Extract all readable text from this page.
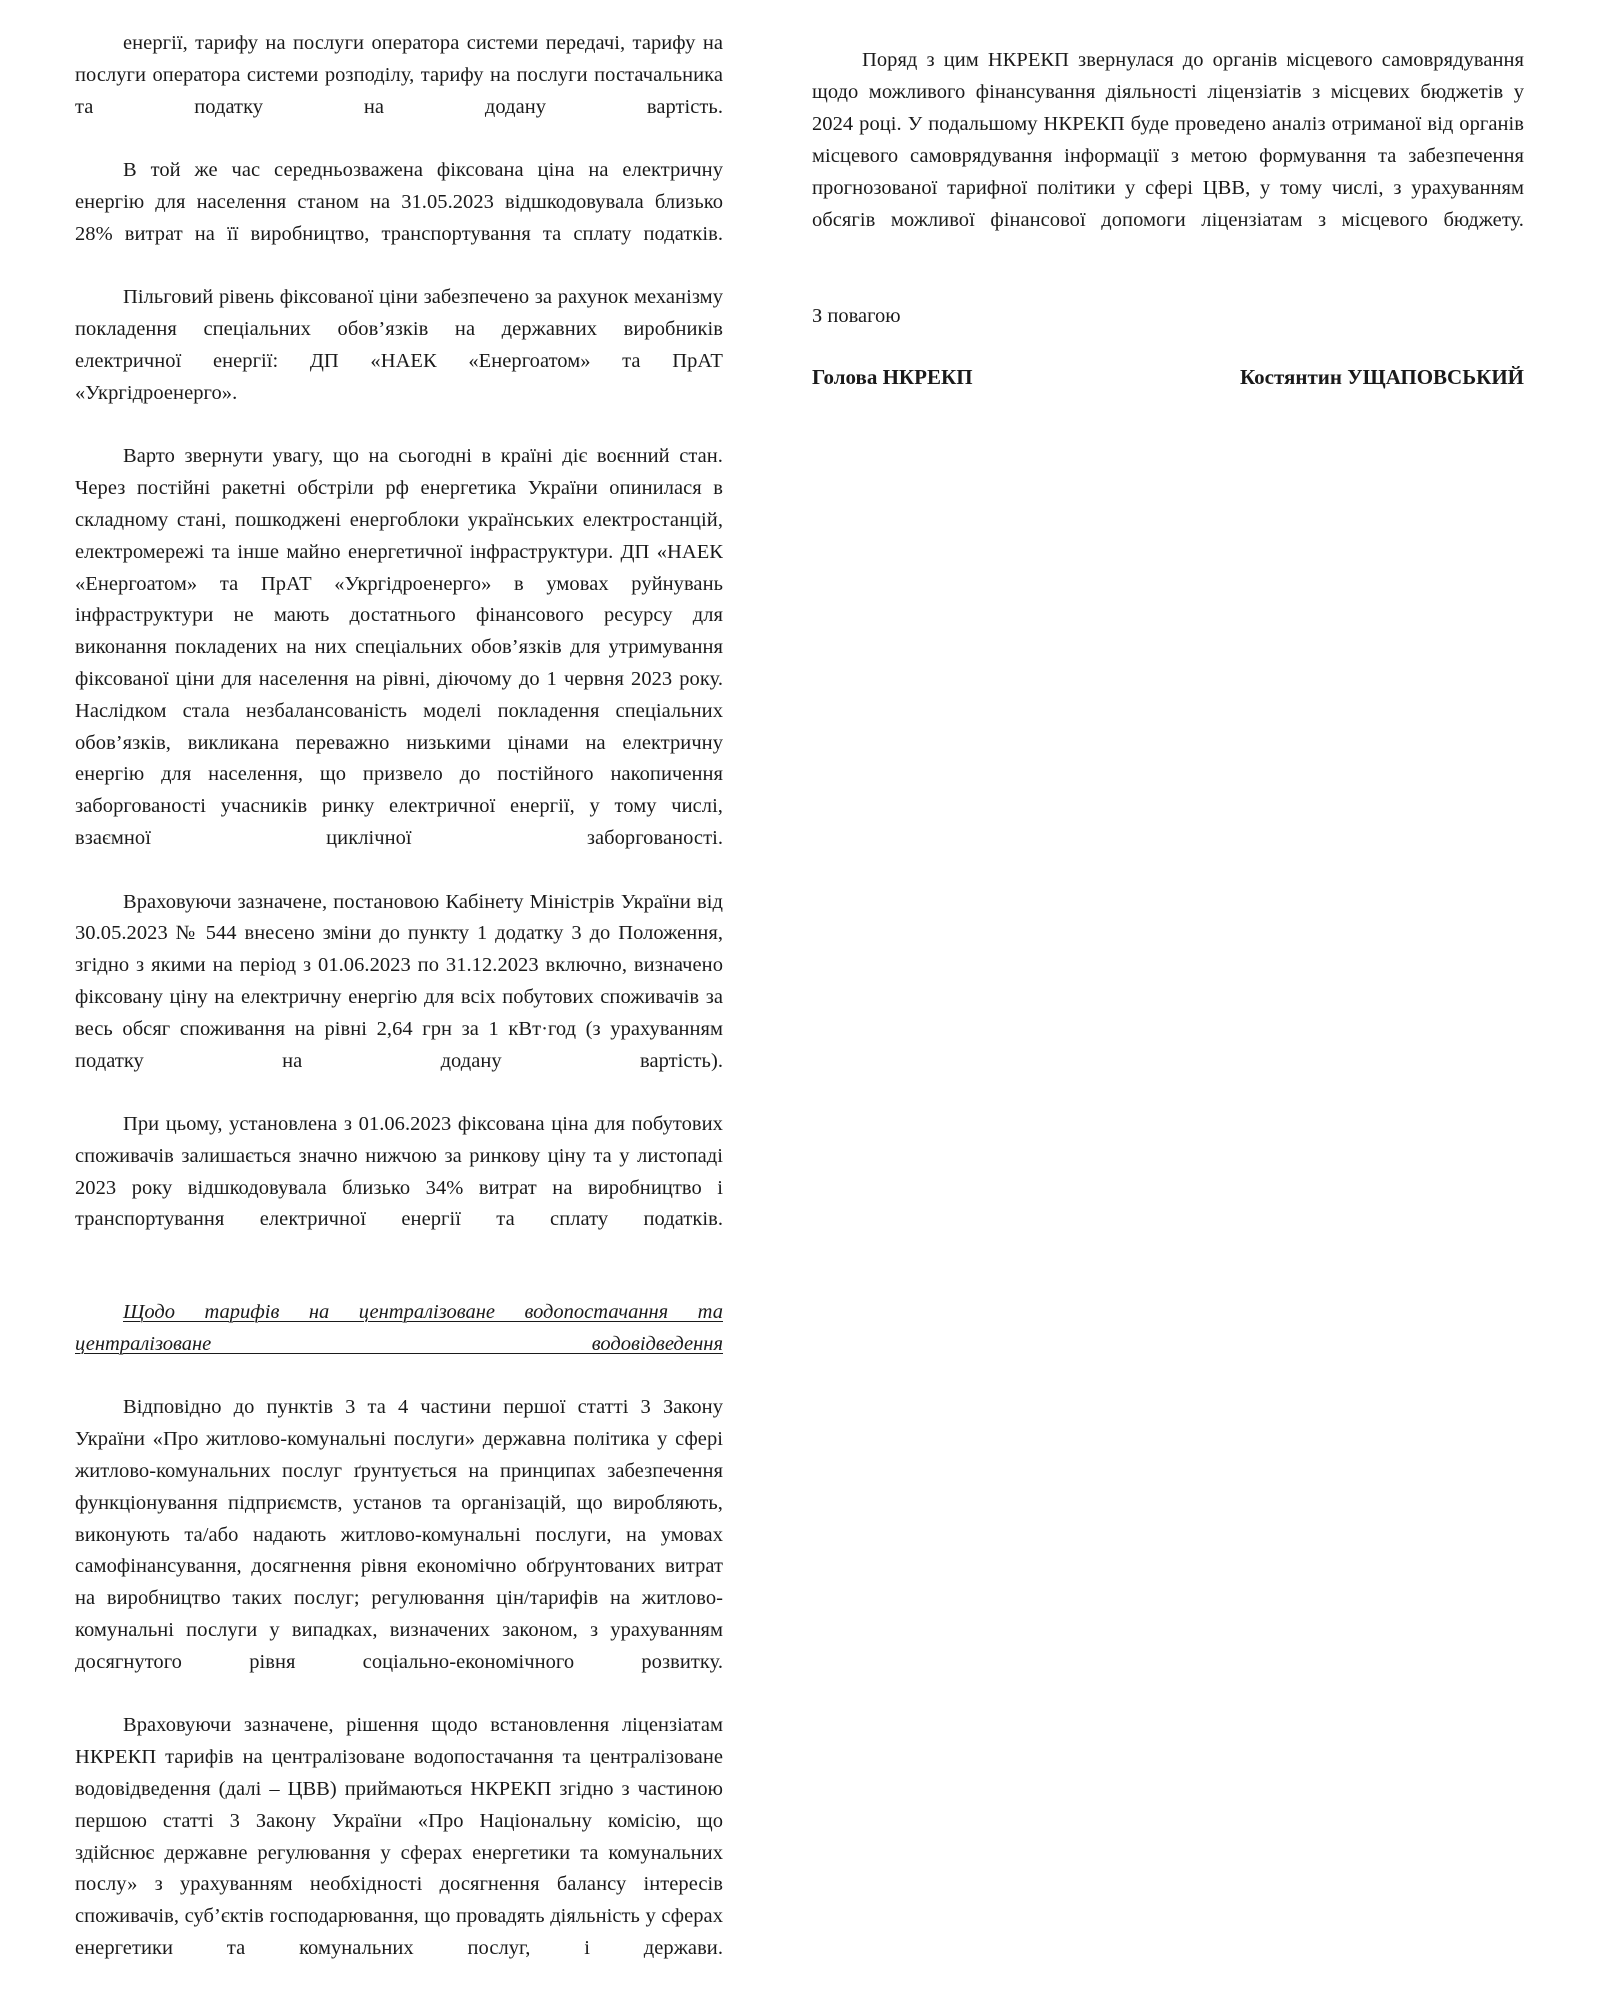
енергії, тарифу на послуги оператора системи передачі, тарифу на послуги оператора системи розподілу, тарифу на послуги постачальника та податку на додану вартість.

В той же час середньозважена фіксована ціна на електричну енергію для населення станом на 31.05.2023 відшкодовувала близько 28% витрат на її виробництво, транспортування та сплату податків.

Пільговий рівень фіксованої ціни забезпечено за рахунок механізму покладення спеціальних обов’язків на державних виробників електричної енергії: ДП «НАЕК «Енергоатом» та ПрАТ «Укргідроенерго».

Варто звернути увагу, що на сьогодні в країні діє воєнний стан. Через постійні ракетні обстріли рф енергетика України опинилася в складному стані, пошкоджені енергоблоки українських електростанцій, електромережі та інше майно енергетичної інфраструктури. ДП «НАЕК «Енергоатом» та ПрАТ «Укргідроенерго» в умовах руйнувань інфраструктури не мають достатнього фінансового ресурсу для виконання покладених на них спеціальних обов’язків для утримування фіксованої ціни для населення на рівні, діючому до 1 червня 2023 року. Наслідком стала незбалансованість моделі покладення спеціальних обов’язків, викликана переважно низькими цінами на електричну енергію для населення, що призвело до постійного накопичення заборгованості учасників ринку електричної енергії, у тому числі, взаємної циклічної заборгованості.

Враховуючи зазначене, постановою Кабінету Міністрів України від 30.05.2023 № 544 внесено зміни до пункту 1 додатку 3 до Положення, згідно з якими на період з 01.06.2023 по 31.12.2023 включно, визначено фіксовану ціну на електричну енергію для всіх побутових споживачів за весь обсяг споживання на рівні 2,64 грн за 1 кВт·год (з урахуванням податку на додану вартість).

При цьому, установлена з 01.06.2023 фіксована ціна для побутових споживачів залишається значно нижчою за ринкову ціну та у листопаді 2023 року відшкодовувала близько 34% витрат на виробництво і транспортування електричної енергії та сплату податків.

Щодо тарифів на централізоване водопостачання та централізоване водовідведення

Відповідно до пунктів 3 та 4 частини першої статті 3 Закону України «Про житлово-комунальні послуги» державна політика у сфері житлово-комунальних послуг ґрунтується на принципах забезпечення функціонування підприємств, установ та організацій, що виробляють, виконують та/або надають житлово-комунальні послуги, на умовах самофінансування, досягнення рівня економічно обґрунтованих витрат на виробництво таких послуг; регулювання цін/тарифів на житлово-комунальні послуги у випадках, визначених законом, з урахуванням досягнутого рівня соціально-економічного розвитку.

Враховуючи зазначене, рішення щодо встановлення ліцензіатам НКРЕКП тарифів на централізоване водопостачання та централізоване водовідведення (далі – ЦВВ) приймаються НКРЕКП згідно з частиною першою статті 3 Закону України «Про Національну комісію, що здійснює державне регулювання у сферах енергетики та комунальних послу» з урахуванням необхідності досягнення балансу інтересів споживачів, суб’єктів господарювання, що провадять діяльність у сферах енергетики та комунальних послуг, і держави.

Поряд з цим НКРЕКП звернулася до органів місцевого самоврядування щодо можливого фінансування діяльності ліцензіатів з місцевих бюджетів у 2024 році. У подальшому НКРЕКП буде проведено аналіз отриманої від органів місцевого самоврядування інформації з метою формування та забезпечення прогнозованої тарифної політики у сфері ЦВВ, у тому числі, з урахуванням обсягів можливої фінансової допомоги ліцензіатам з місцевого бюджету.

З повагою

Голова НКРЕКП	Костянтин УЩАПОВСЬКИЙ
